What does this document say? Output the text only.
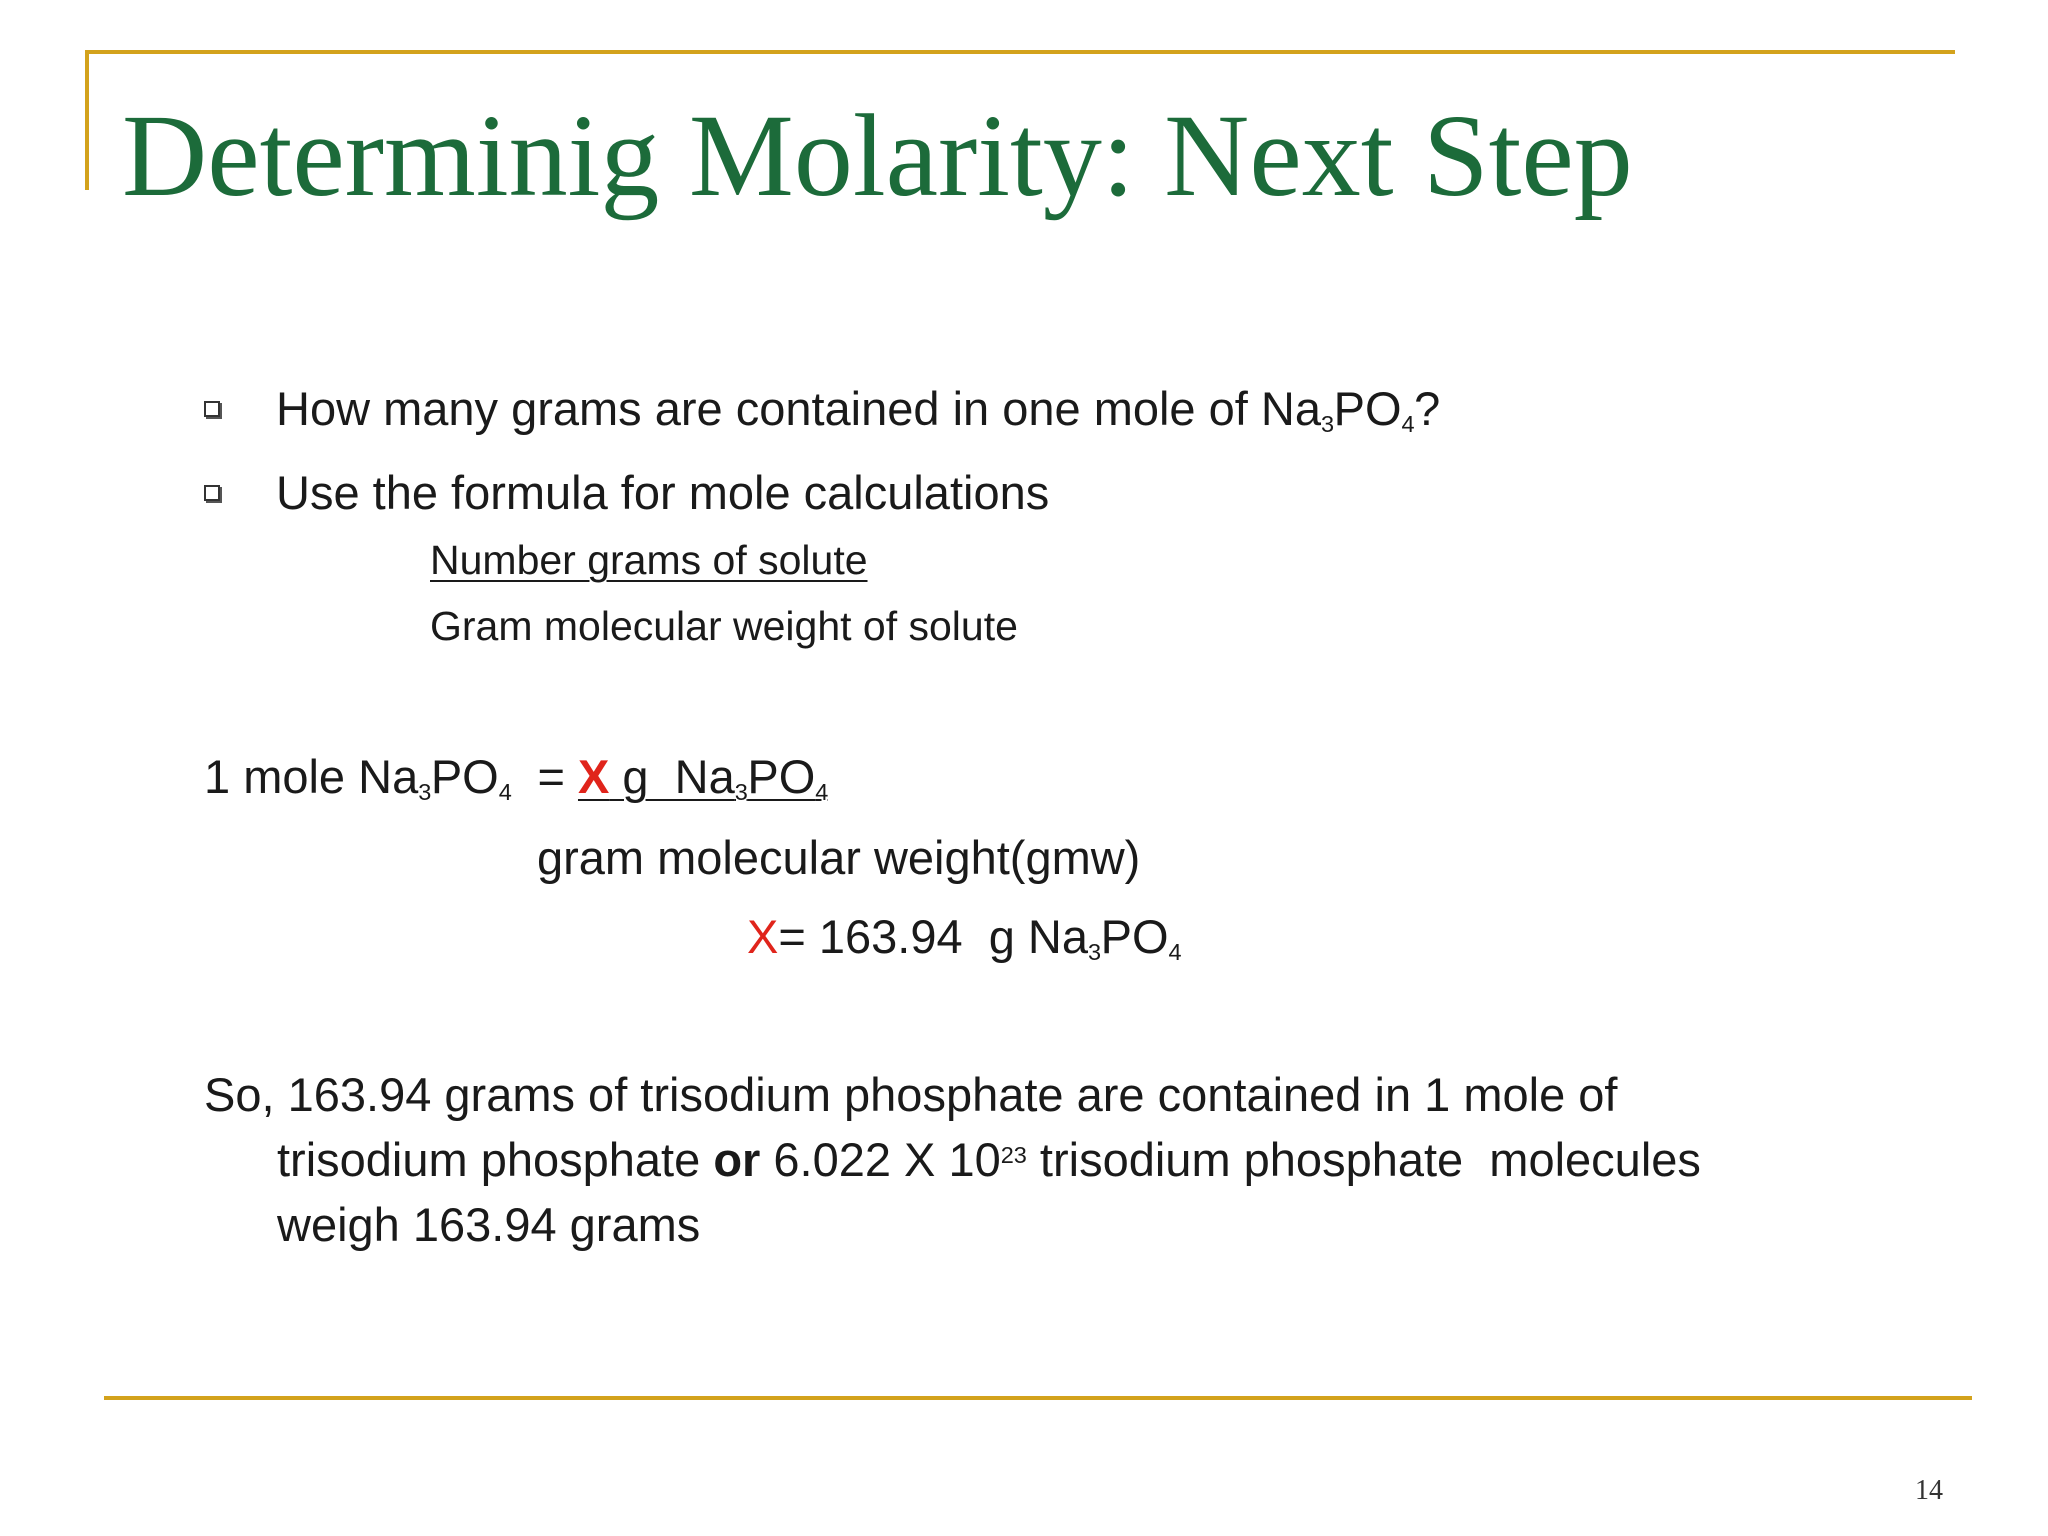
Determinig Molarity: Next Step
How many grams are contained in one mole of $Na_3PO_4$?
Use the formula for mole calculations
Number grams of solute
Gram molecular weight of solute
1 mole $Na_3PO_4 = X$ g  $Na_3PO_4$
gram molecular weight(gmw)
X= 163.94  g $Na_3PO_4$
So, 163.94 grams of trisodium phosphate are contained in 1 mole of
trisodium phosphate or 6.022 X $10^{23}$ trisodium phosphate  molecules
weigh 163.94 grams
14
